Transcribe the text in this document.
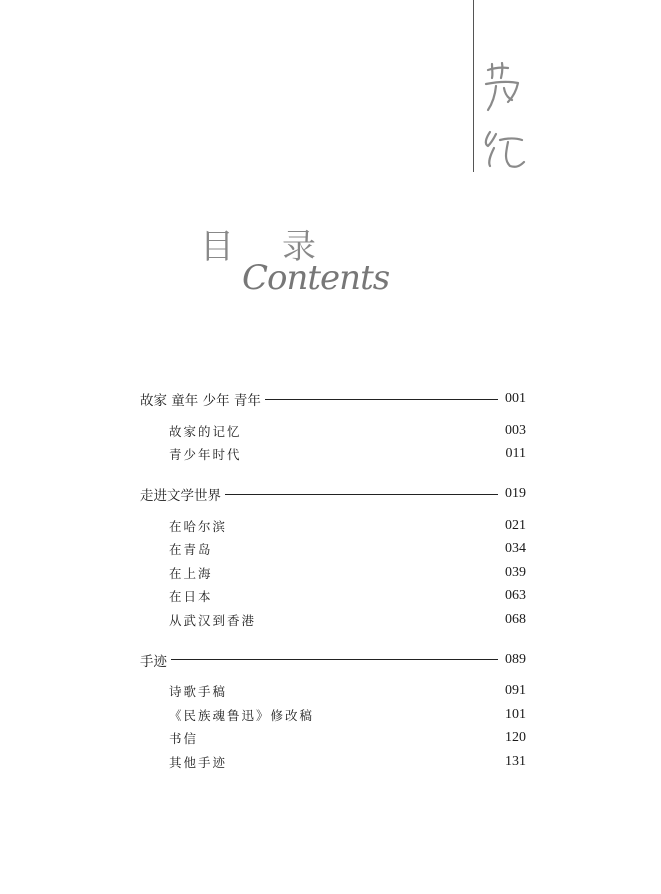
目 录
Contents
故家 童年 少年 青年	001
故家的记忆	003
青少年时代	011
走进文学世界	019
在哈尔滨	021
在青岛	034
在上海	039
在日本	063
从武汉到香港	068
手迹	089
诗歌手稿	091
《民族魂鲁迅》修改稿	101
书信	120
其他手迹	131
